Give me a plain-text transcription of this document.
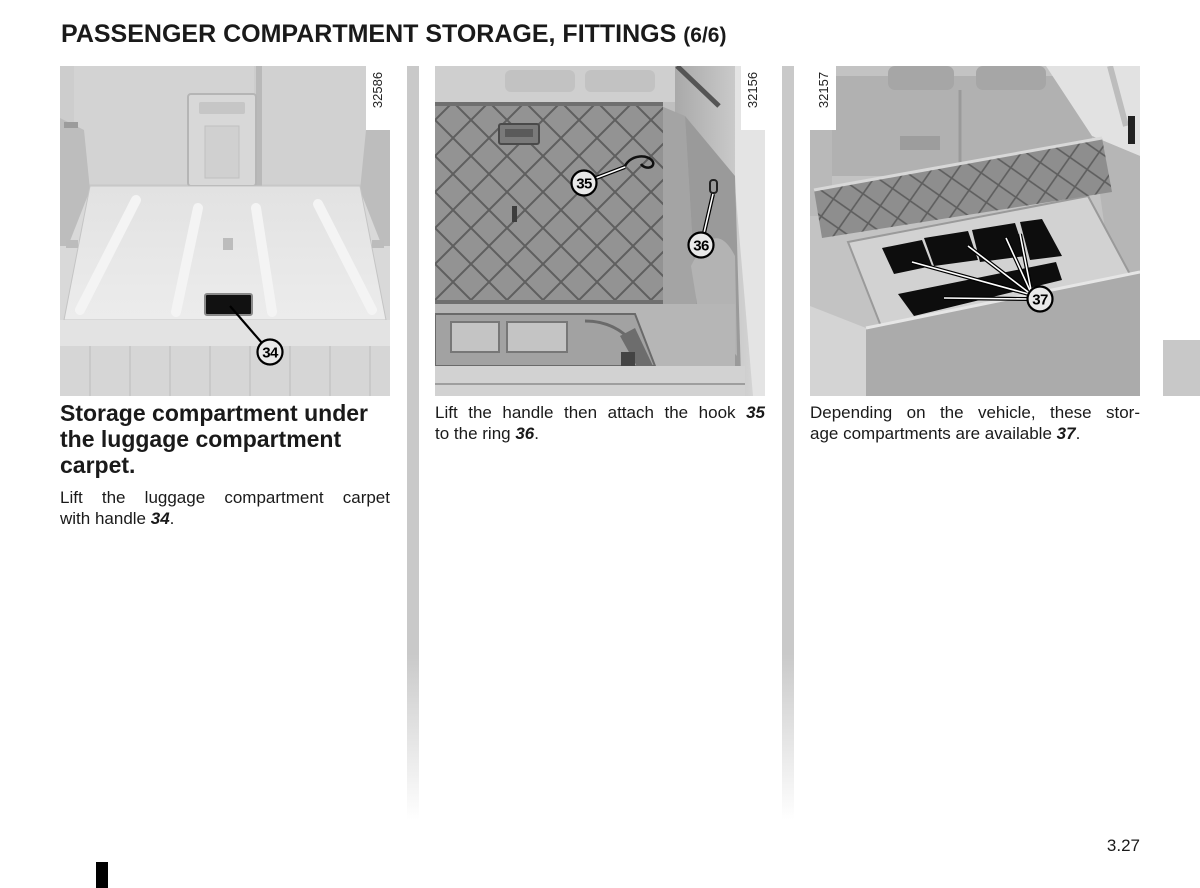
PASSENGER COMPARTMENT STORAGE, FITTINGS (6/6)
34
32586
35
36
32156
37
32157
Storage compartment under the luggage compartment carpet.
Lift the luggage compartment carpet
with handle 34.
Lift the handle then attach the hook 35
to the ring 36.
Depending on the vehicle, these stor-
age compartments are available 37.
3.27
